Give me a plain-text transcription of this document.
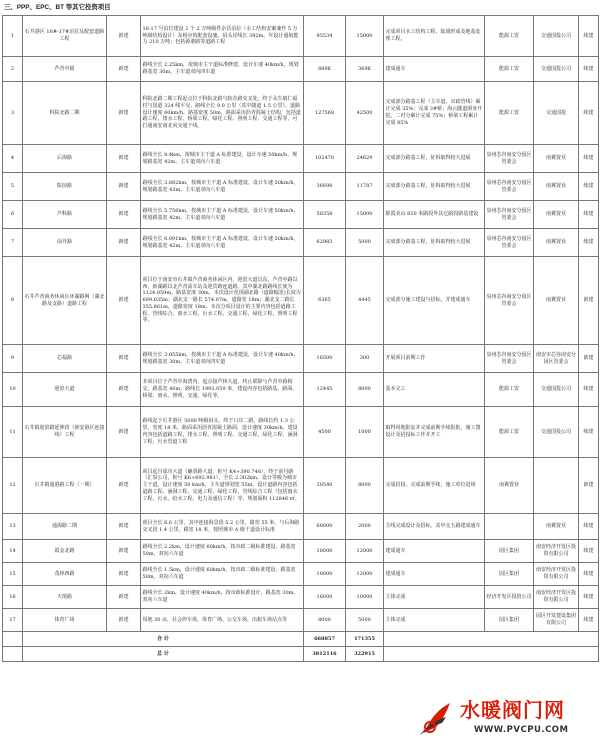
三、PPP、EPC、BT 等其它投资项目
1	石井港区 16#-17#泊位及配套道路工程	新建	16-17 号泊位建设 2 个 2 万吨级件杂货泊位（水工结构安案兼作 5 万吨级结构设计）及相应的配套设施。码头岸线长 392m。年设计通航能力 210 万吨；包括源港路等道路工程	95534	15000	完成项目水工结构工程、陆域形成及地基处理工程。	能源工贸	交通国投公司	续建
2	芦青中路	新建	路线全长 2.25km，按城市主干道标准修建，设计车速 40km/h，规划路基宽 30m，主车道双向四车道	8896	3696	建成通车	能源工贸	交通国投公司	续建
3	科院北路二期	新建	科院北路二期工程起点位于科院北路与院企路交叉处，终于永生镇仁福村与国道 324 线平交，路线全长 9.0 公里（其中隧道 1.5 公里），道路设计速度 60km/h，路基宽度 50m，路面采用沥青混凝土结构，包括道路工程、排水工程、桥梁工程、绿化工程、照明工程、交通工程等，可打通南安南北向交通干线。	127568	42500	完成部分路基工程（主车道、市政管线）累计完成 35%；完成 3#桥；海云隧道洞身开挖，二衬分累计完成 75%；桥梁工程累计完成 85%	能源工贸	交通国投	续建
4	后海路	新建	路线全长 8.4km，按城市主干道 A 标准建设，设计车速 50km/h，规划路基宽 42m，主车道双向六车道	102470	24629	完成部分路基工程，征拆取得较大进展	泉州芯谷南安分园区管委会	南翼置业	续建
5	院前路	新建	路线全长 3.682km，按城市主干道 A 标准建设，设计车速 50km/h，规划路基宽 43m，主车道双向六车道	36698	11787	完成部分路基工程，征拆取得较大进展	泉州芯谷南安分园区管委会	南翼置业	续建
6	芦科路	新建	路线全长 5.756km，按城市主干道 A 标准建设，设计车速 50km/h，规划路基宽 42m，主车道双向六车道	58358	15000	除霞美山 850 米路段外其它路段路基建设	泉州芯谷南安分园区管委会	南翼置业	续建
7	前丹路	新建	路线全长 6.091km，按城市主干道 A 标准建设，设计车速 50km/h，规划路基宽 42m，主车道双向六车道	62983	5000	完成部分路基工程，征拆取得较大进展	泉州芯谷南安分园区管委会	南翼置业	续建
8	石井芦青商务休闲区环湖路网（湖北路及支路）道路工程	新建	项目位于南安市石井镇芦青商务休闲区内，迎滨大道以东，芦青中路以西，新湖路以北芦青高车站及迎宾路连道路。其中湖北路路线长度为 1124.059m，路基宽度 30m，本次设计范围湖北路（道路幅宽)长度为 699.035m；湖北支一路长 574.07m，道路宽 18m；湖北支二路长 355.861m，道路宽度 18m。本次分项目设计的主要内容包括道路工程、管线综合、雨水工程、污水工程、交通工程、绿化工程、照明工程等。	6365	4445	完成部分施工建设与招标，并建成通车	泉州芯谷南安分园区管委会	南翼置业	新建
9	芯福路	新建	路线全长 3.055km，按城市主干道 A 标准建设，设计车速 40km/h，规划路基宽 30m，主车道双向四车道	16500	300	开展项目前期工作	泉州芯谷南安分园区管委会	南安市芯谷南安分园区管委会	新建
10	迎滨大道	新建	本项目位于芦青中海湾内，起点接芦林大道，终止联降与芦青中路相交，路基宽 40m，路线长 1992.059 米，建设内容包括路基、路面、桥梁、雨水、照明、交通、绿化等。	12445	8000	基本完工	能源工贸	交通国投公司	续建
11	石井镇迎滨路延伸段（新安港区连接线）工程	新建	路线起于石井港区 5000 吨级码头，终于口岸二路，路线长约 1.3 公里，宽度 18 米，路面采用沥青混凝土路面，设计速度 30km/h，建设内容包括道路工程、排水工程、照明工程、交通工程、绿化工程、涵洞工程、污水管道工程	4500	1000	取得用地批复并完成前期手续报批，施工图设计及招投标工作并开工	能源工贸	交通国投公司	续建
12	石井镇通港路工程（一期）	新建	项目起自成功大道（廉贤路大道，桩号 K4+390.748），终于前丹路（汇泉公司，桩号 K6+692.981），全长 2.302km，设计等级为城市主干道，设计速度 50 km/h，主车道规划宽 55m，设计道路内容包括道路工程、涵洞工程、交通工程、绿化工程、管线综合工程（包括雨水工程、污水、给水工程、电力及通信工程）等，规划面积 112846 ㎡。	20540	8000	完成招投，完成前期手续，施工单位进场	南翼置业		新建
13	通海路二期	新建	项目全长 6.6 公里，其中连接海景段 5.2 公里，路宽 55 米，与后海路交叉段 1.4 公里，路宽 18 米，按照城市 A 级干道设计标准	68000	2000	主线完成设计及招标，其中交五路建成通车		南翼置业	续建
14	霞金北路	新建	路线全长 2.2km，设计速度 60km/h，按市政二级标准建设，路基宽 50m，双向六车道	18000	12000	建成通车	园区集团	南安经济开发区投资有限公司	续建
15	茂林西路	新建	路线全长 1.5km，设计速度 60km/h，按市政二级标准建设，路基宽 50m，双向六车道	18000	12000	建成通车	园区集团	南安经济开发区投资有限公司	续建
16	天境路	新建	路线全长 2km，设计速度 40km/h，按市政标准设计，路基宽 30m，双向六车道	16000	10000	主体完成	经济开发区投资公司	南安经济开发区投资有限公司	续建
17	体育广场	新建	用地 30 亩，社会停车场、体育广场、公交车场、出租车场站点等	8000	5000	主体完成	园区集团	园区开发建设集团有限公司	续建
	合 计			668857	171355				
	总 计			3812116	322915				
水暖阀门网
WWW.PVCPU.COM
